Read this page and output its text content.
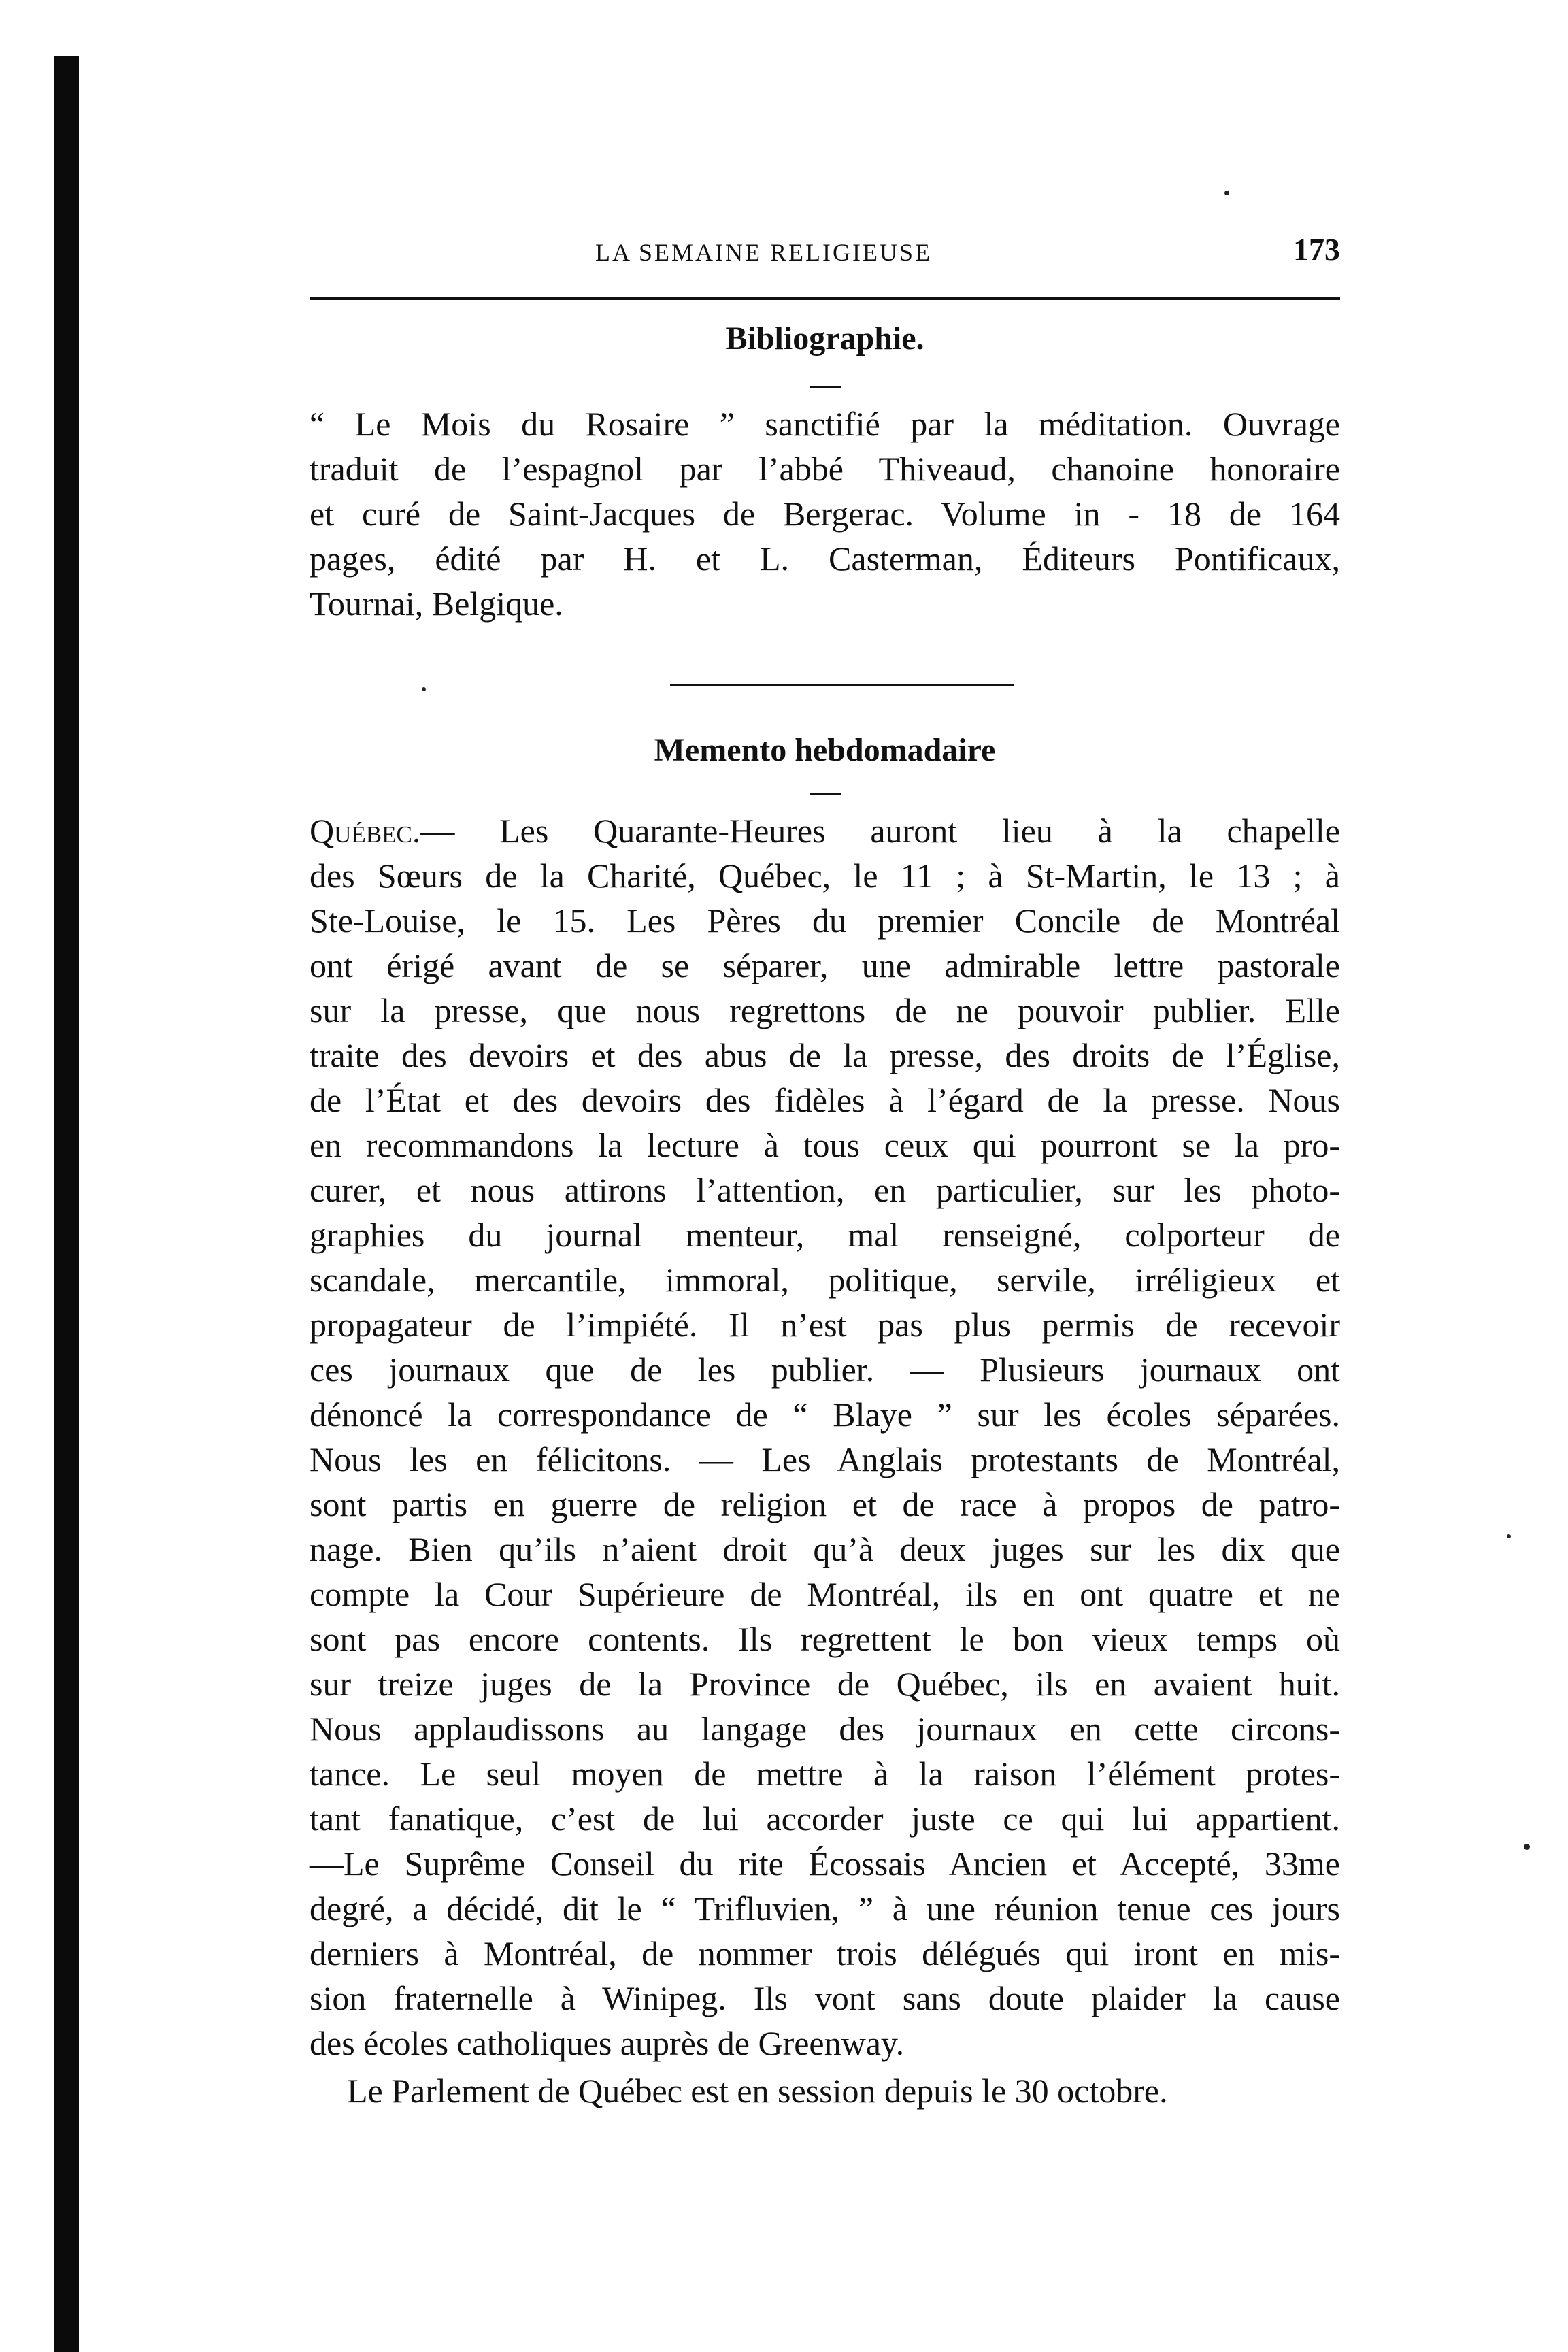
LA SEMAINE RELIGIEUSE	173
Bibliographie.
“ Le Mois du Rosaire ” sanctifié par la méditation. Ouvrage
traduit de l’espagnol par l’abbé Thiveaud, chanoine honoraire
et curé de Saint-Jacques de Bergerac. Volume in - 18 de 164
pages, édité par H. et L. Casterman, Éditeurs Pontificaux,
Tournai, Belgique.
Memento hebdomadaire
Québec.— Les Quarante-Heures auront lieu à la chapelle
des Sœurs de la Charité, Québec, le 11 ; à St-Martin, le 13 ; à
Ste-Louise, le 15. Les Pères du premier Concile de Montréal
ont érigé avant de se séparer, une admirable lettre pastorale
sur la presse, que nous regrettons de ne pouvoir publier. Elle
traite des devoirs et des abus de la presse, des droits de l’Église,
de l’État et des devoirs des fidèles à l’égard de la presse. Nous
en recommandons la lecture à tous ceux qui pourront se la pro-
curer, et nous attirons l’attention, en particulier, sur les photo-
graphies du journal menteur, mal renseigné, colporteur de
scandale, mercantile, immoral, politique, servile, irréligieux et
propagateur de l’impiété. Il n’est pas plus permis de recevoir
ces journaux que de les publier. — Plusieurs journaux ont
dénoncé la correspondance de “ Blaye ” sur les écoles séparées.
Nous les en félicitons. — Les Anglais protestants de Montréal,
sont partis en guerre de religion et de race à propos de patro-
nage. Bien qu’ils n’aient droit qu’à deux juges sur les dix que
compte la Cour Supérieure de Montréal, ils en ont quatre et ne
sont pas encore contents. Ils regrettent le bon vieux temps où
sur treize juges de la Province de Québec, ils en avaient huit.
Nous applaudissons au langage des journaux en cette circons-
tance. Le seul moyen de mettre à la raison l’élément protes-
tant fanatique, c’est de lui accorder juste ce qui lui appartient.
—Le Suprême Conseil du rite Écossais Ancien et Accepté, 33me
degré, a décidé, dit le “ Trifluvien, ” à une réunion tenue ces jours
derniers à Montréal, de nommer trois délégués qui iront en mis-
sion fraternelle à Winipeg. Ils vont sans doute plaider la cause
des écoles catholiques auprès de Greenway.
Le Parlement de Québec est en session depuis le 30 octobre.
